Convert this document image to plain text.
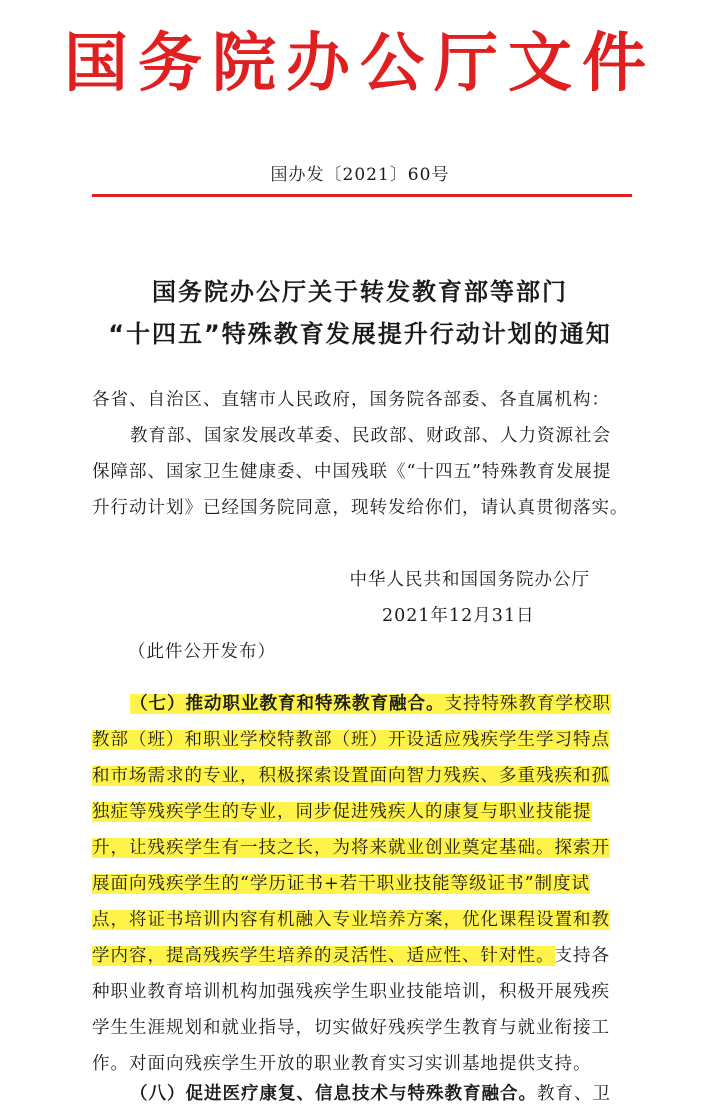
国务院办公厅文件
国办发〔2021〕60号
国务院办公厅关于转发教育部等部门
“十四五”特殊教育发展提升行动计划的通知
各省、自治区、直辖市人民政府，国务院各部委、各直属机构：
教育部、国家发展改革委、民政部、财政部、人力资源社会
保障部、国家卫生健康委、中国残联《“十四五”特殊教育发展提
升行动计划》已经国务院同意，现转发给你们，请认真贯彻落实。
中华人民共和国国务院办公厅
2021年12月31日
（此件公开发布）
（七）推动职业教育和特殊教育融合。支持特殊教育学校职
教部（班）和职业学校特教部（班）开设适应残疾学生学习特点
和市场需求的专业，积极探索设置面向智力残疾、多重残疾和孤
独症等残疾学生的专业，同步促进残疾人的康复与职业技能提
升，让残疾学生有一技之长，为将来就业创业奠定基础。探索开
展面向残疾学生的“学历证书+若干职业技能等级证书”制度试
点，将证书培训内容有机融入专业培养方案，优化课程设置和教
学内容，提高残疾学生培养的灵活性、适应性、针对性。支持各
种职业教育培训机构加强残疾学生职业技能培训，积极开展残疾
学生生涯规划和就业指导，切实做好残疾学生教育与就业衔接工
作。对面向残疾学生开放的职业教育实习实训基地提供支持。
（八）促进医疗康复、信息技术与特殊教育融合。教育、卫
